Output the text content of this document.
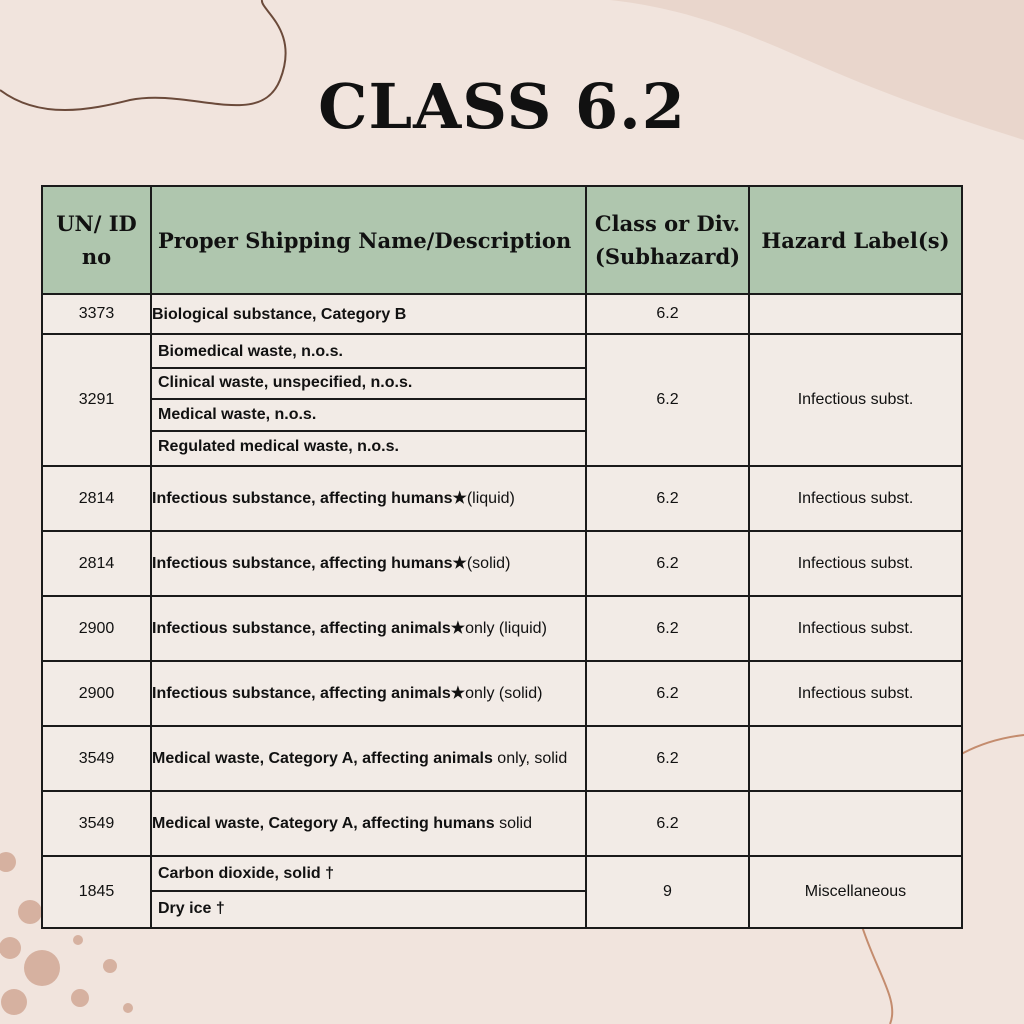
CLASS 6.2
UN/ ID no	Proper Shipping Name/Description	Class or Div. (Subhazard)	Hazard Label(s)
3373	Biological substance, Category B	6.2	
3291	Biomedical waste, n.o.s.
Clinical waste, unspecified, n.o.s.
Medical waste, n.o.s.
Regulated medical waste, n.o.s.	6.2	Infectious subst.
2814	Infectious substance, affecting humans★(liquid)	6.2	Infectious subst.
2814	Infectious substance, affecting humans★(solid)	6.2	Infectious subst.
2900	Infectious substance, affecting animals★only (liquid)	6.2	Infectious subst.
2900	Infectious substance, affecting animals★only (solid)	6.2	Infectious subst.
3549	Medical waste, Category A, affecting animals only, solid	6.2	
3549	Medical waste, Category A, affecting humans solid	6.2	
1845	Carbon dioxide, solid †
Dry ice †	9	Miscellaneous
